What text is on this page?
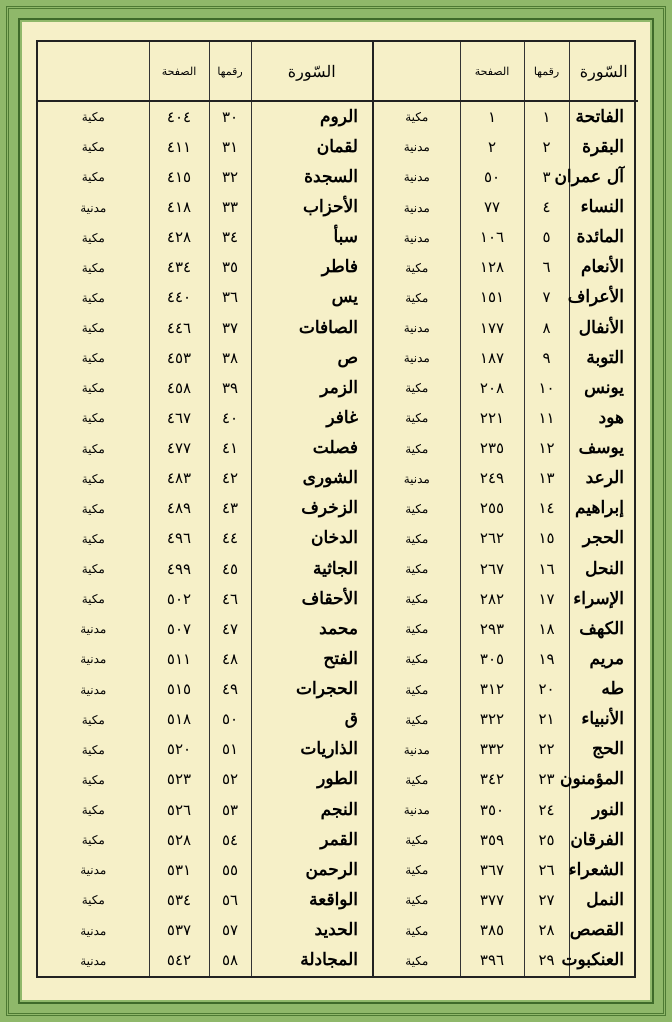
السّورة	رقمها	الصفحة		السّورة	رقمها	الصفحة	
الفاتحة	١	١	مكية	الروم	٣٠	٤٠٤	مكية
البقرة	٢	٢	مدنية	لقمان	٣١	٤١١	مكية
آل عمران	٣	٥٠	مدنية	السجدة	٣٢	٤١٥	مكية
النساء	٤	٧٧	مدنية	الأحزاب	٣٣	٤١٨	مدنية
المائدة	٥	١٠٦	مدنية	سبأ	٣٤	٤٢٨	مكية
الأنعام	٦	١٢٨	مكية	فاطر	٣٥	٤٣٤	مكية
الأعراف	٧	١٥١	مكية	يس	٣٦	٤٤٠	مكية
الأنفال	٨	١٧٧	مدنية	الصافات	٣٧	٤٤٦	مكية
التوبة	٩	١٨٧	مدنية	ص	٣٨	٤٥٣	مكية
يونس	١٠	٢٠٨	مكية	الزمر	٣٩	٤٥٨	مكية
هود	١١	٢٢١	مكية	غافر	٤٠	٤٦٧	مكية
يوسف	١٢	٢٣٥	مكية	فصلت	٤١	٤٧٧	مكية
الرعد	١٣	٢٤٩	مدنية	الشورى	٤٢	٤٨٣	مكية
إبراهيم	١٤	٢٥٥	مكية	الزخرف	٤٣	٤٨٩	مكية
الحجر	١٥	٢٦٢	مكية	الدخان	٤٤	٤٩٦	مكية
النحل	١٦	٢٦٧	مكية	الجاثية	٤٥	٤٩٩	مكية
الإسراء	١٧	٢٨٢	مكية	الأحقاف	٤٦	٥٠٢	مكية
الكهف	١٨	٢٩٣	مكية	محمد	٤٧	٥٠٧	مدنية
مريم	١٩	٣٠٥	مكية	الفتح	٤٨	٥١١	مدنية
طه	٢٠	٣١٢	مكية	الحجرات	٤٩	٥١٥	مدنية
الأنبياء	٢١	٣٢٢	مكية	ق	٥٠	٥١٨	مكية
الحج	٢٢	٣٣٢	مدنية	الذاريات	٥١	٥٢٠	مكية
المؤمنون	٢٣	٣٤٢	مكية	الطور	٥٢	٥٢٣	مكية
النور	٢٤	٣٥٠	مدنية	النجم	٥٣	٥٢٦	مكية
الفرقان	٢٥	٣٥٩	مكية	القمر	٥٤	٥٢٨	مكية
الشعراء	٢٦	٣٦٧	مكية	الرحمن	٥٥	٥٣١	مدنية
النمل	٢٧	٣٧٧	مكية	الواقعة	٥٦	٥٣٤	مكية
القصص	٢٨	٣٨٥	مكية	الحديد	٥٧	٥٣٧	مدنية
العنكبوت	٢٩	٣٩٦	مكية	المجادلة	٥٨	٥٤٢	مدنية
